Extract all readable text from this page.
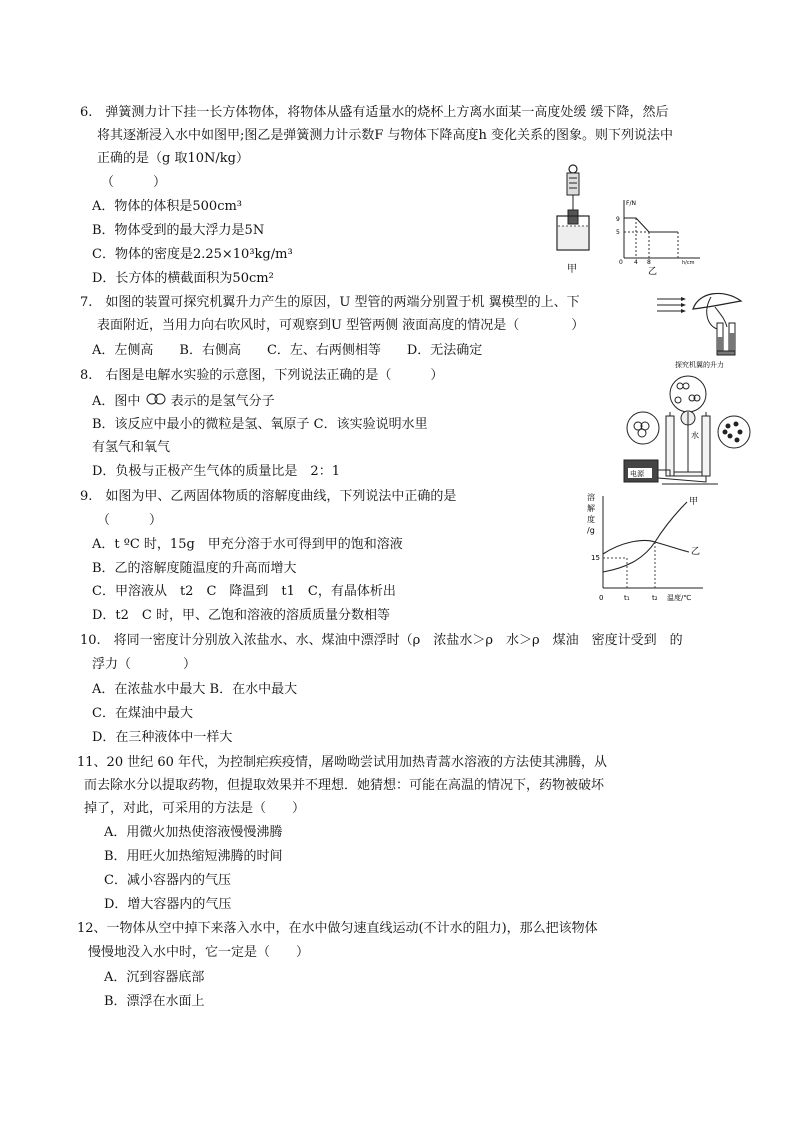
6.　弹簧测力计下挂一长方体物体，将物体从盛有适量水的烧杯上方离水面某一高度处缓 缓下降，然后
将其逐渐浸入水中如图甲;图乙是弹簧测力计示数F 与物体下降高度h 变化关系的图象。则下列说法中
正确的是（g 取10N/kg）
（　　　）
A．物体的体积是500cm³
B．物体受到的最大浮力是5N
C．物体的密度是2.25×10³kg/m³
D．长方体的横截面积为50cm²
甲
F/N
9
5
0 4 8	h/cm
乙
7.　如图的装置可探究机翼升力产生的原因，U 型管的两端分别置于机 翼模型的上、下
表面附近，当用力向右吹风时，可观察到U 型管两侧 液面高度的情况是（　　　　）
A．左侧高　　B．右侧高　　C．左、右两侧相等　　D．无法确定
探究机翼的升力
8.　右图是电解水实验的示意图，下列说法正确的是（　　　）
A．图中 表示的是氢气分子
B．该反应中最小的微粒是氢、氧原子 C．该实验说明水里
有氢气和氧气
D．负极与正极产生气体的质量比是　2：1
水
电源
9.　如图为甲、乙两固体物质的溶解度曲线，下列说法中正确的是
（　　　）
A．t ºC 时，15g　甲充分溶于水可得到甲的饱和溶液
B．乙的溶解度随温度的升高而增大
C．甲溶液从　t2　C　降温到　t1　C，有晶体析出
D．t2　C 时，甲、乙饱和溶液的溶质质量分数相等
溶
解
度
/g
甲
乙
15
0	t₁	t₂ 温度/℃
10.　将同一密度计分别放入浓盐水、水、煤油中漂浮时（ρ　浓盐水＞ρ　水＞ρ　煤油　密度计受到　的
浮力（　　　　）
A．在浓盐水中最大 B．在水中最大
C．在煤油中最大
D．在三种液体中一样大
11、20 世纪 60 年代，为控制疟疾疫情，屠呦呦尝试用加热青蒿水溶液的方法使其沸腾，从
而去除水分以提取药物，但提取效果并不理想．她猜想：可能在高温的情况下，药物被破坏
掉了，对此，可采用的方法是（　　）
A．用微火加热使溶液慢慢沸腾
B．用旺火加热缩短沸腾的时间
C．减小容器内的气压
D．增大容器内的气压
12、一物体从空中掉下来落入水中，在水中做匀速直线运动(不计水的阻力)，那么把该物体
慢慢地没入水中时，它一定是（　　）
A．沉到容器底部
B．漂浮在水面上
